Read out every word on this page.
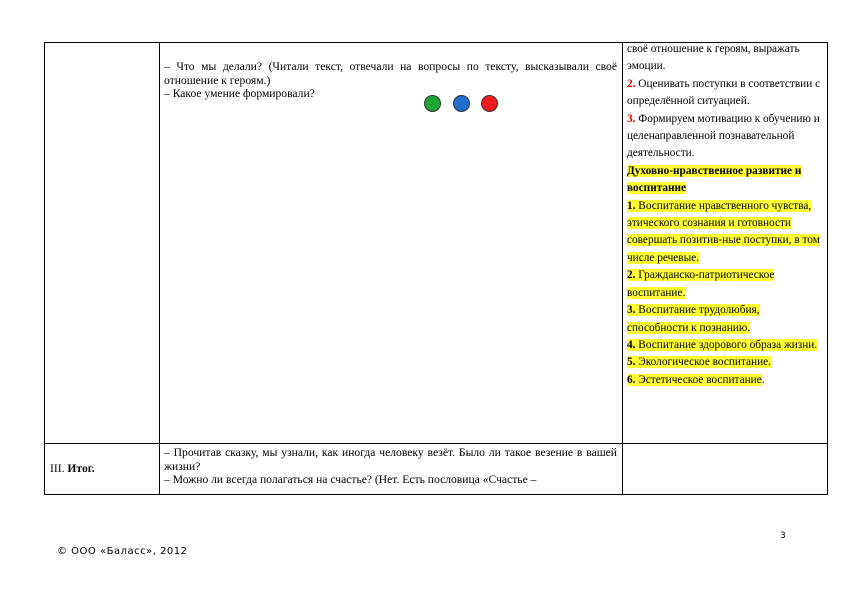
– Что мы делали? (Читали текст, отвечали на вопросы по тексту, высказывали своё отношение к героям.)

– Какое умение формировали?

своё отношение к героям, выражать эмоции.

2. Оценивать поступки в соответствии с определённой ситуацией.

3. Формируем мотивацию к обучению и целенаправленной познавательной деятельности.

Духовно-нравственное развитие и воспитание

1. Воспитание нравственного чувства, этического сознания и готовности совершать позитив-ные поступки, в том числе речевые.

2. Гражданско-патриотическое воспитание.

3. Воспитание трудолюбия, способности к познанию.

4. Воспитание здорового образа жизни.

5. Экологическое воспитание.

6. Эстетическое воспитание.

III. Итог.

– Прочитав сказку, мы узнали, как иногда человеку везёт. Было ли такое везение в вашей жизни?

– Можно ли всегда полагаться на счастье? (Нет. Есть пословица «Счастье –

3
© ООО «Баласс», 2012
